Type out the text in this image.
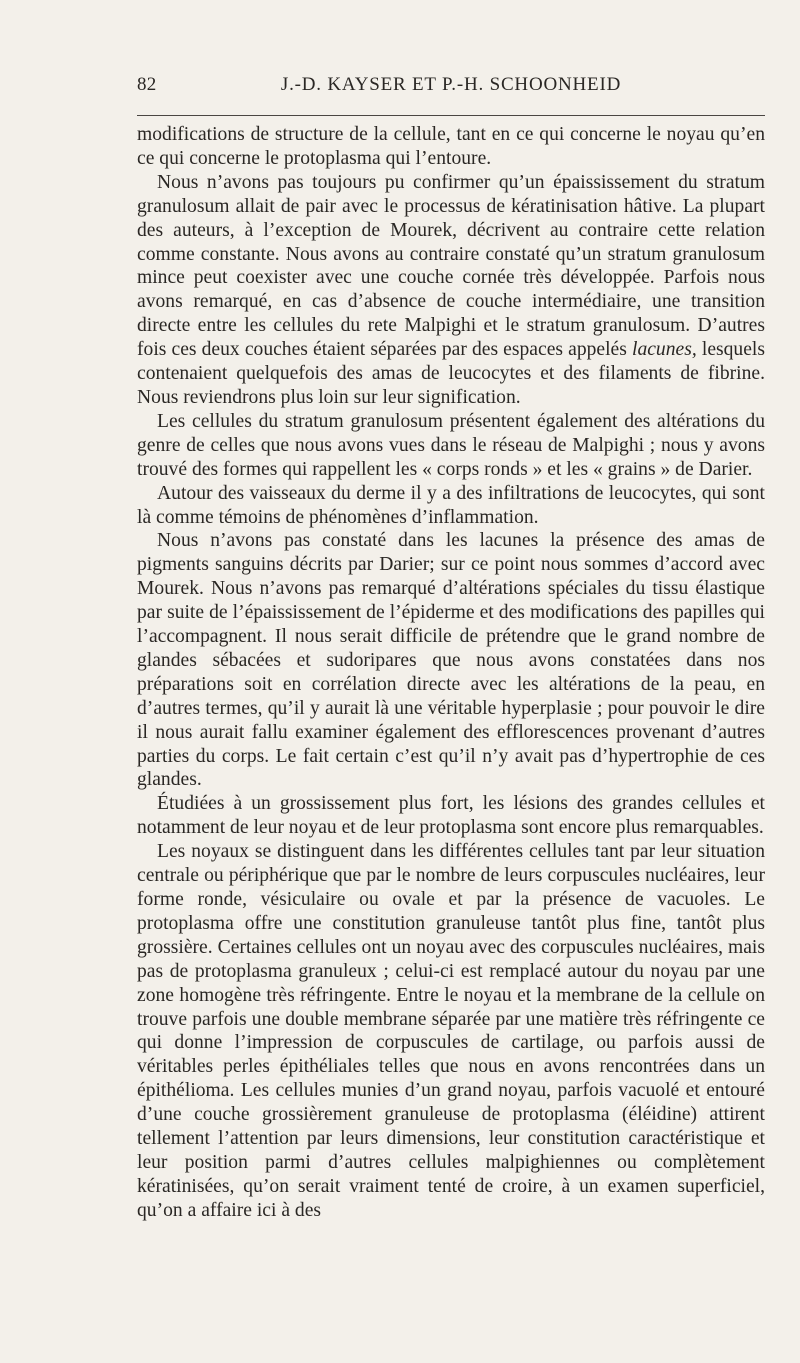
82	J.-D. KAYSER ET P.-H. SCHOONHEID

modifications de structure de la cellule, tant en ce qui concerne le noyau qu’en ce qui concerne le protoplasma qui l’entoure.

Nous n’avons pas toujours pu confirmer qu’un épaississement du stratum granulosum allait de pair avec le processus de kératinisation hâtive. La plupart des auteurs, à l’exception de Mourek, décrivent au contraire cette relation comme constante. Nous avons au contraire constaté qu’un stratum granulosum mince peut coexister avec une couche cornée très développée. Parfois nous avons remarqué, en cas d’absence de couche intermédiaire, une transition directe entre les cellules du rete Malpighi et le stratum granulosum. D’autres fois ces deux couches étaient séparées par des espaces appelés lacunes, lesquels contenaient quelquefois des amas de leucocytes et des filaments de fibrine. Nous reviendrons plus loin sur leur signification.

Les cellules du stratum granulosum présentent également des altérations du genre de celles que nous avons vues dans le réseau de Malpighi ; nous y avons trouvé des formes qui rappellent les « corps ronds » et les « grains » de Darier.

Autour des vaisseaux du derme il y a des infiltrations de leucocytes, qui sont là comme témoins de phénomènes d’inflammation.

Nous n’avons pas constaté dans les lacunes la présence des amas de pigments sanguins décrits par Darier; sur ce point nous sommes d’accord avec Mourek. Nous n’avons pas remarqué d’altérations spéciales du tissu élastique par suite de l’épaississement de l’épiderme et des modifications des papilles qui l’accompagnent. Il nous serait difficile de prétendre que le grand nombre de glandes sébacées et sudoripares que nous avons constatées dans nos préparations soit en corrélation directe avec les altérations de la peau, en d’autres termes, qu’il y aurait là une véritable hyperplasie ; pour pouvoir le dire il nous aurait fallu examiner également des efflorescences provenant d’autres parties du corps. Le fait certain c’est qu’il n’y avait pas d’hypertrophie de ces glandes.

Étudiées à un grossissement plus fort, les lésions des grandes cellules et notamment de leur noyau et de leur protoplasma sont encore plus remarquables.

Les noyaux se distinguent dans les différentes cellules tant par leur situation centrale ou périphérique que par le nombre de leurs corpuscules nucléaires, leur forme ronde, vésiculaire ou ovale et par la présence de vacuoles. Le protoplasma offre une constitution granuleuse tantôt plus fine, tantôt plus grossière. Certaines cellules ont un noyau avec des corpuscules nucléaires, mais pas de protoplasma granuleux ; celui-ci est remplacé autour du noyau par une zone homogène très réfringente. Entre le noyau et la membrane de la cellule on trouve parfois une double membrane séparée par une matière très réfringente ce qui donne l’impression de corpuscules de cartilage, ou parfois aussi de véritables perles épithéliales telles que nous en avons rencontrées dans un épithélioma. Les cellules munies d’un grand noyau, parfois vacuolé et entouré d’une couche grossièrement granuleuse de protoplasma (éléidine) attirent tellement l’attention par leurs dimensions, leur constitution caractéristique et leur position parmi d’autres cellules malpighiennes ou complètement kératinisées, qu’on serait vraiment tenté de croire, à un examen superficiel, qu’on a affaire ici à des
